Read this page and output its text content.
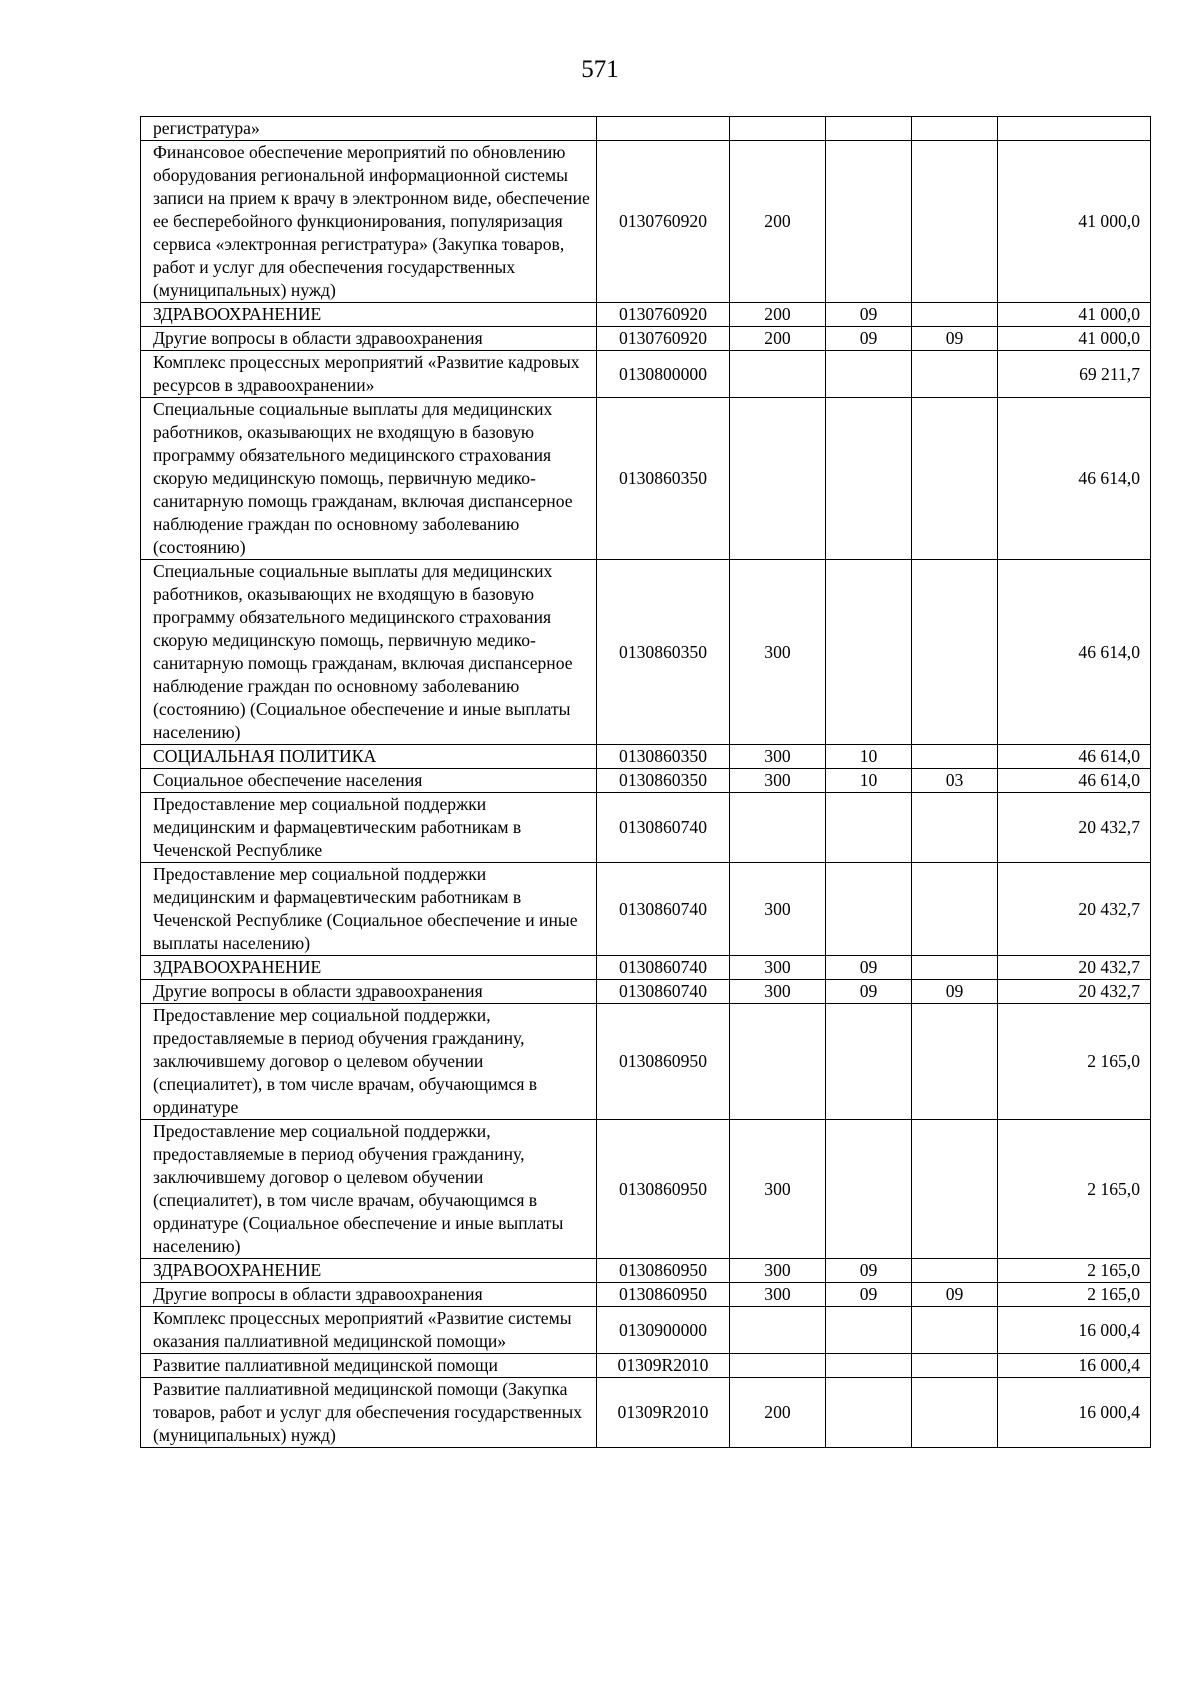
571
регистратура»					
Финансовое обеспечение мероприятий по обновлению оборудования региональной информационной системы записи на прием к врачу в электронном виде, обеспечение ее бесперебойного функционирования, популяризация сервиса «электронная регистратура» (Закупка товаров, работ и услуг для обеспечения государственных (муниципальных) нужд)	0130760920	200			41 000,0
ЗДРАВООХРАНЕНИЕ	0130760920	200	09		41 000,0
Другие вопросы в области здравоохранения	0130760920	200	09	09	41 000,0
Комплекс процессных мероприятий «Развитие кадровых ресурсов в здравоохранении»	0130800000				69 211,7
Специальные социальные выплаты для медицинских работников, оказывающих не входящую в базовую программу обязательного медицинского страхования скорую медицинскую помощь, первичную медико-санитарную помощь гражданам, включая диспансерное наблюдение граждан по основному заболеванию (состоянию)	0130860350				46 614,0
Специальные социальные выплаты для медицинских работников, оказывающих не входящую в базовую программу обязательного медицинского страхования скорую медицинскую помощь, первичную медико-санитарную помощь гражданам, включая диспансерное наблюдение граждан по основному заболеванию (состоянию) (Социальное обеспечение и иные выплаты населению)	0130860350	300			46 614,0
СОЦИАЛЬНАЯ ПОЛИТИКА	0130860350	300	10		46 614,0
Социальное обеспечение населения	0130860350	300	10	03	46 614,0
Предоставление мер социальной поддержки медицинским и фармацевтическим работникам в Чеченской Республике	0130860740				20 432,7
Предоставление мер социальной поддержки медицинским и фармацевтическим работникам в Чеченской Республике (Социальное обеспечение и иные выплаты населению)	0130860740	300			20 432,7
ЗДРАВООХРАНЕНИЕ	0130860740	300	09		20 432,7
Другие вопросы в области здравоохранения	0130860740	300	09	09	20 432,7
Предоставление мер социальной поддержки, предоставляемые в период обучения гражданину, заключившему договор о целевом обучении (специалитет), в том числе врачам, обучающимся в ординатуре	0130860950				2 165,0
Предоставление мер социальной поддержки, предоставляемые в период обучения гражданину, заключившему договор о целевом обучении (специалитет), в том числе врачам, обучающимся в ординатуре (Социальное обеспечение и иные выплаты населению)	0130860950	300			2 165,0
ЗДРАВООХРАНЕНИЕ	0130860950	300	09		2 165,0
Другие вопросы в области здравоохранения	0130860950	300	09	09	2 165,0
Комплекс процессных мероприятий «Развитие системы оказания паллиативной медицинской помощи»	0130900000				16 000,4
Развитие паллиативной медицинской помощи	01309R2010				16 000,4
Развитие паллиативной медицинской помощи (Закупка товаров, работ и услуг для обеспечения государственных (муниципальных) нужд)	01309R2010	200			16 000,4
